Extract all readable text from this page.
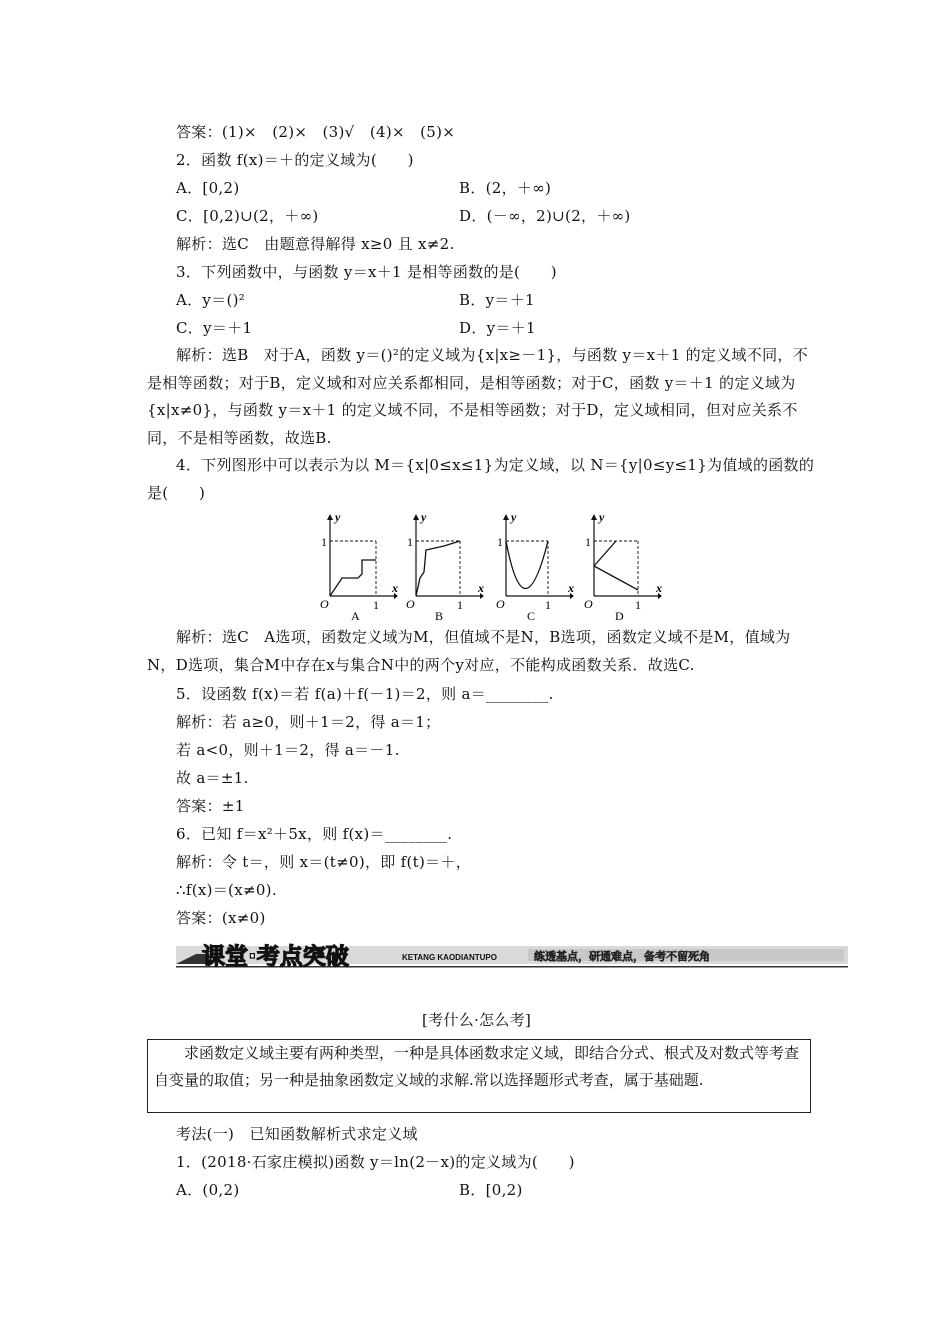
答案：(1)×　(2)×　(3)√　(4)×　(5)×
2．函数 f(x)＝＋的定义域为(　　)
A．[0,2)	B．(2，＋∞)
C．[0,2)∪(2，＋∞)	D．(－∞，2)∪(2，＋∞)
解析：选C　由题意得解得 x≥0 且 x≠2.
3．下列函数中，与函数 y＝x＋1 是相等函数的是(　　)
A．y＝()²	B．y＝＋1
C．y＝＋1	D．y＝＋1
解析：选B　对于A，函数 y＝()²的定义域为{x|x≥－1}，与函数 y＝x＋1 的定义域不同，不是相等函数；对于B，定义域和对应关系都相同，是相等函数；对于C，函数 y＝＋1 的定义域为{x|x≠0}，与函数 y＝x＋1 的定义域不同，不是相等函数；对于D，定义域相同，但对应关系不同，不是相等函数，故选B.
4．下列图形中可以表示为以 M＝{x|0≤x≤1}为定义域，以 N＝{y|0≤y≤1}为值域的函数的是(　　)
y
x
O
1
1
A
y
x
O
1
1
B
y
x
O
1
1
C
y
x
O
1
1
D
解析：选C　A选项，函数定义域为M，但值域不是N，B选项，函数定义域不是M，值域为N，D选项，集合M中存在x与集合N中的两个y对应，不能构成函数关系．故选C.
5．设函数 f(x)＝若 f(a)＋f(－1)＝2，则 a＝________.
解析：若 a≥0，则＋1＝2，得 a＝1；
若 a<0，则＋1＝2，得 a＝－1.
故 a＝±1.
答案：±1
6．已知 f＝x²＋5x，则 f(x)＝________.
解析：令 t＝，则 x＝(t≠0)，即 f(t)＝＋，
∴f(x)＝(x≠0).
答案：(x≠0)
课堂·考点突破	KETANG KAODIANTUPO	练透基点，研通难点，备考不留死角
[考什么·怎么考]
求函数定义域主要有两种类型，一种是具体函数求定义域，即结合分式、根式及对数式等考查自变量的取值；另一种是抽象函数定义域的求解.常以选择题形式考查，属于基础题.
考法(一)　已知函数解析式求定义域
1．(2018·石家庄模拟)函数 y＝ln(2－x)的定义域为(　　)
A．(0,2)	B．[0,2)
